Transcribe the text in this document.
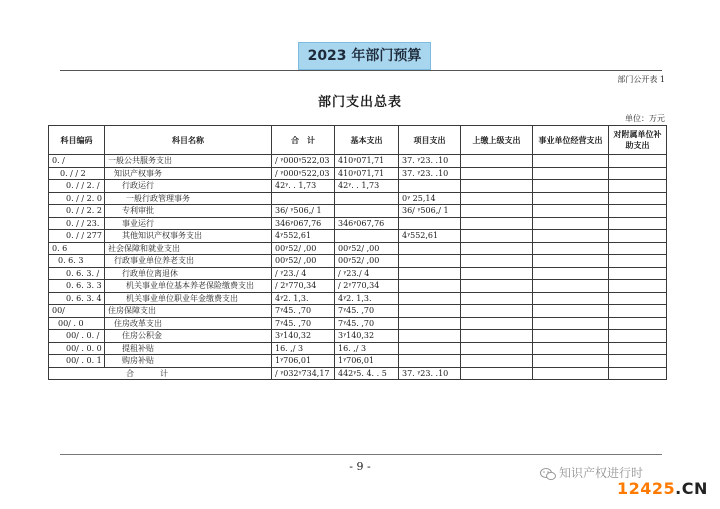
2023 年部门预算
部门公开表 1
部门支出总表
单位：万元
科目编码	科目名称	合　计	基本支出	项目支出	上缴上级支出	事业单位经营支出	对附属单位补助支出
0. /	一般公共服务支出	/ ᵞ000ᵞ522,03	410ᵞ071,71	37. ᵞ23. .10			
0. / / 2	知识产权事务	/ ᵞ000ᵞ522,03	410ᵞ071,71	37. ᵞ23. .10			
0. / / 2. /	行政运行	42ᵞ. . 1,73	42ᵞ. . 1,73				
0. / / 2. 0	一般行政管理事务			0ᵞ 25,14			
0. / / 2. 2	专利审批	36/ ᵞ506,/ 1		36/ ᵞ506,/ 1			
0. / / 23.	事业运行	346ᵞ067,76	346ᵞ067,76				
0. / / 277	其他知识产权事务支出	4ᵞ552,61		4ᵞ552,61			
0. 6	社会保障和就业支出	00ᵞ52/ ,00	00ᵞ52/ ,00				
0. 6. 3	行政事业单位养老支出	00ᵞ52/ ,00	00ᵞ52/ ,00				
0. 6. 3. /	行政单位离退休	/ ᵞ23./ 4	/ ᵞ23./ 4				
0. 6. 3. 3	机关事业单位基本养老保险缴费支出	/ 2ᵞ770,34	/ 2ᵞ770,34				
0. 6. 3. 4	机关事业单位职业年金缴费支出	4ᵞ2. 1,3.	4ᵞ2. 1,3.				
00/	住房保障支出	7ᵞ45. ,70	7ᵞ45. ,70				
00/ . 0	住房改革支出	7ᵞ45. ,70	7ᵞ45. ,70				
00/ . 0. /	住房公积金	3ᵞ140,32	3ᵞ140,32				
00/ . 0. 0	提租补贴	16. ,/ 3	16. ,/ 3				
00/ . 0. 1	购房补贴	1ᵞ706,01	1ᵞ706,01				
合计		/ ᵞ032ᵞ734,17	442ᵞ5. 4. . 5	37. ᵞ23. .10			
- 9 -	知识产权进行时
12425.CN
